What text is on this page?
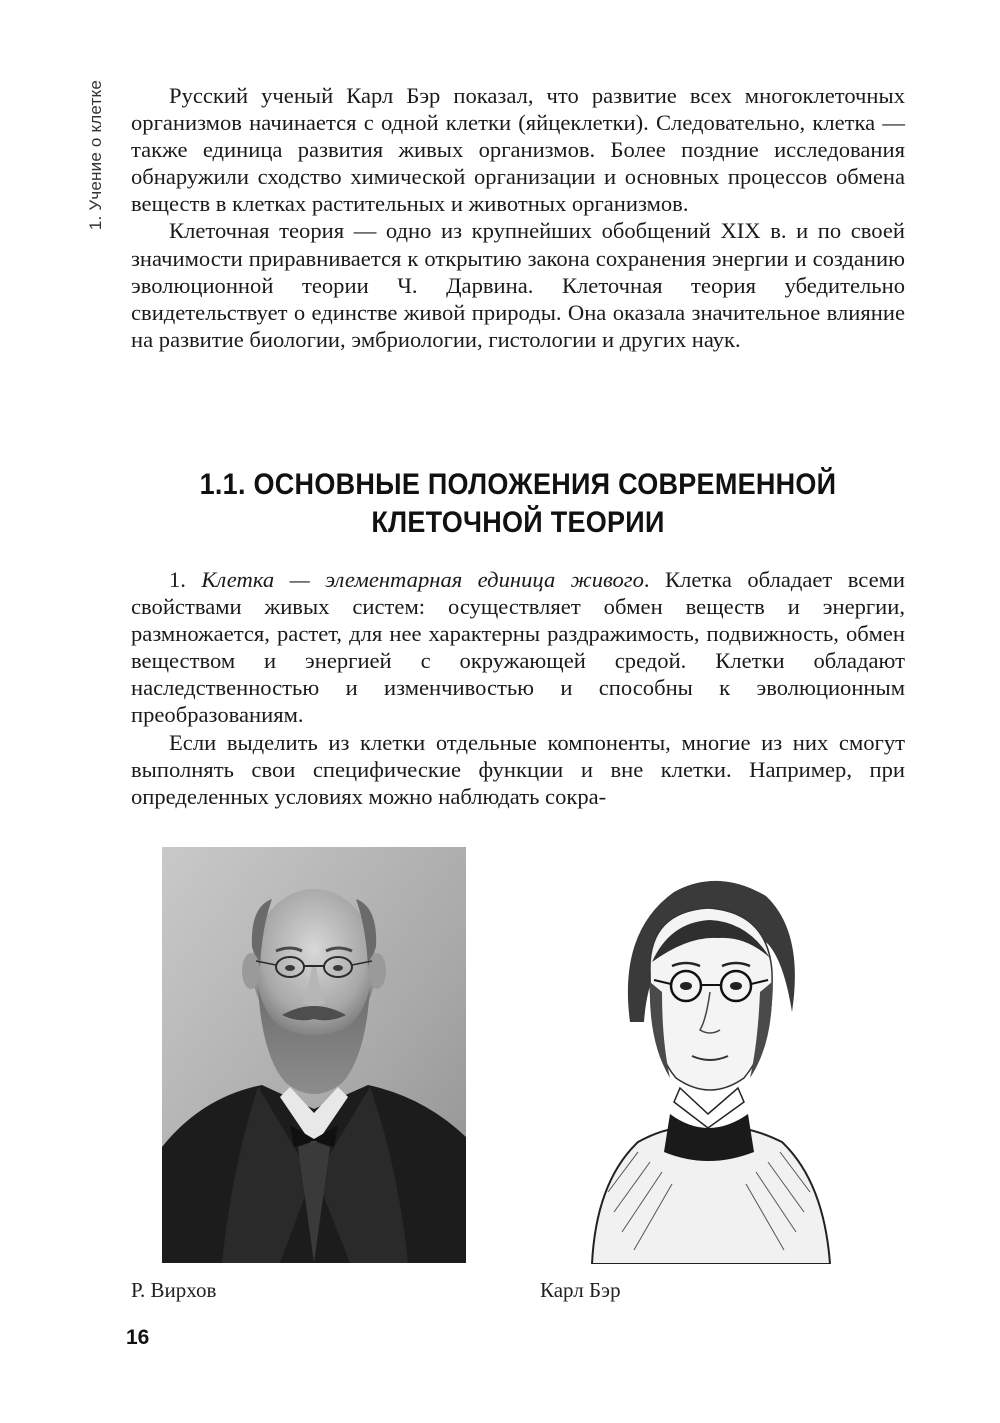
1. Учение о клетке	Русский ученый Карл Бэр показал, что развитие всех многоклеточных организмов начинается с одной клетки (яйцеклетки). Следовательно, клетка — также единица развития живых организмов. Более поздние исследования обнаружили сходство химической организации и основных процессов обмена веществ в клетках растительных и животных организмов.

Клеточная теория — одно из крупнейших обобщений XIX в. и по своей значимости приравнивается к открытию закона сохранения энергии и созданию эволюционной теории Ч. Дарвина. Клеточная теория убедительно свидетельствует о единстве живой природы. Она оказала значительное влияние на развитие биологии, эмбриологии, гистологии и других наук.

1.1. ОСНОВНЫЕ ПОЛОЖЕНИЯ СОВРЕМЕННОЙ
КЛЕТОЧНОЙ ТЕОРИИ

1. Клетка — элементарная единица живого. Клетка обладает всеми свойствами живых систем: осуществляет обмен веществ и энергии, размножается, растет, для нее характерны раздражимость, подвижность, обмен веществом и энергией с окружающей средой. Клетки обладают наследственностью и изменчивостью и способны к эволюционным преобразованиям.

Если выделить из клетки отдельные компоненты, многие из них смогут выполнять свои специфические функции и вне клетки. Например, при определенных условиях можно наблюдать сокра-

Р. Вирхов	Карл Бэр
16
